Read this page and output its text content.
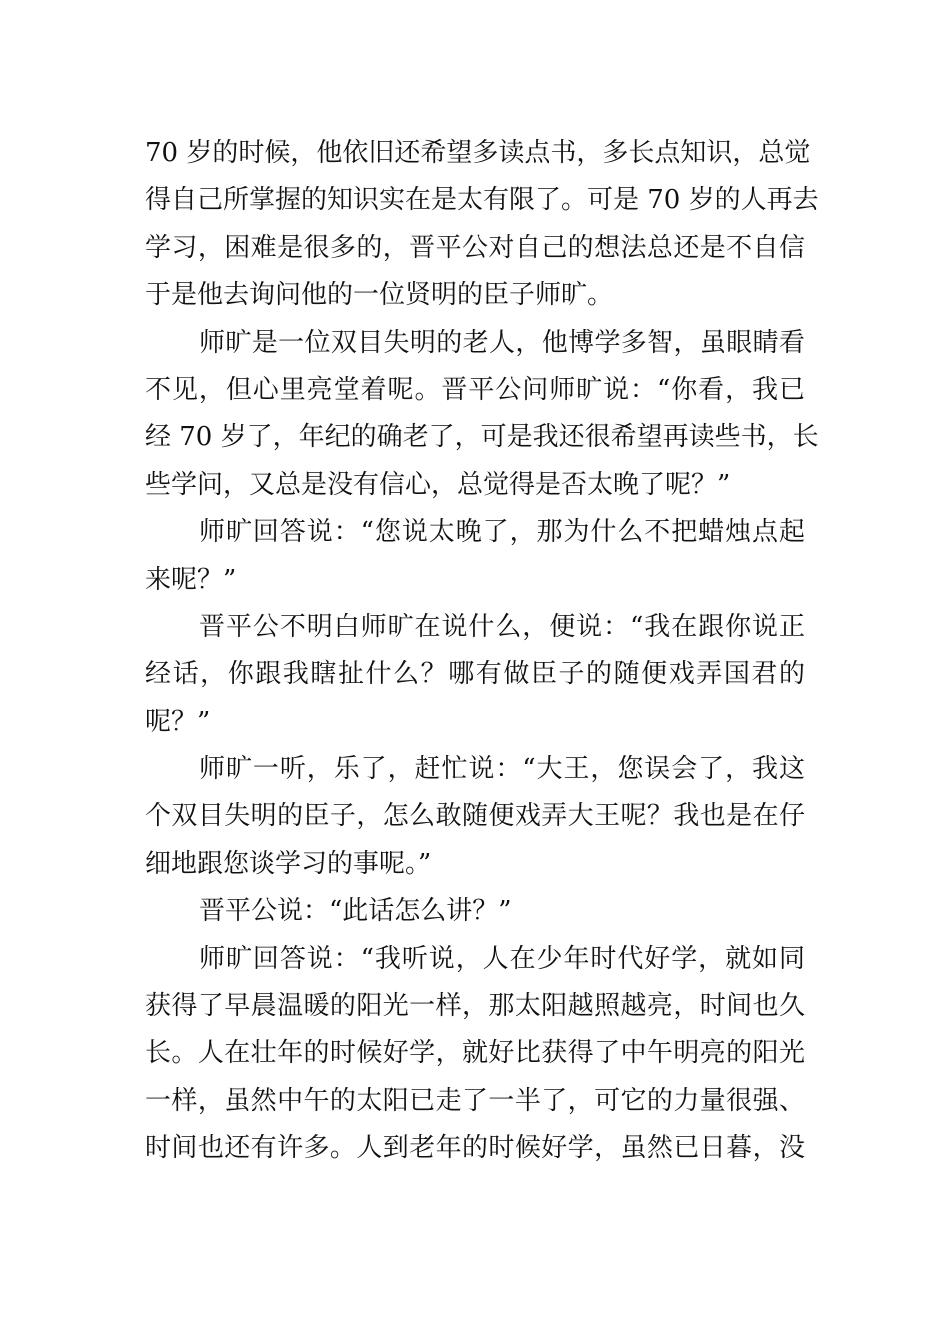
70 岁的时候，他依旧还希望多读点书，多长点知识，总觉
得自己所掌握的知识实在是太有限了。可是 70 岁的人再去
学习，困难是很多的，晋平公对自己的想法总还是不自信
于是他去询问他的一位贤明的臣子师旷。
师旷是一位双目失明的老人，他博学多智，虽眼睛看
不见，但心里亮堂着呢。晋平公问师旷说：“你看，我已
经 70 岁了，年纪的确老了，可是我还很希望再读些书，长
些学问，又总是没有信心，总觉得是否太晚了呢？”
师旷回答说：“您说太晚了，那为什么不把蜡烛点起
来呢？”
晋平公不明白师旷在说什么，便说：“我在跟你说正
经话，你跟我瞎扯什么？哪有做臣子的随便戏弄国君的
呢？”
师旷一听，乐了，赶忙说：“大王，您误会了，我这
个双目失明的臣子，怎么敢随便戏弄大王呢？我也是在仔
细地跟您谈学习的事呢。”
晋平公说：“此话怎么讲？”
师旷回答说：“我听说，人在少年时代好学，就如同
获得了早晨温暖的阳光一样，那太阳越照越亮，时间也久
长。人在壮年的时候好学，就好比获得了中午明亮的阳光
一样，虽然中午的太阳已走了一半了，可它的力量很强、
时间也还有许多。人到老年的时候好学，虽然已日暮，没
